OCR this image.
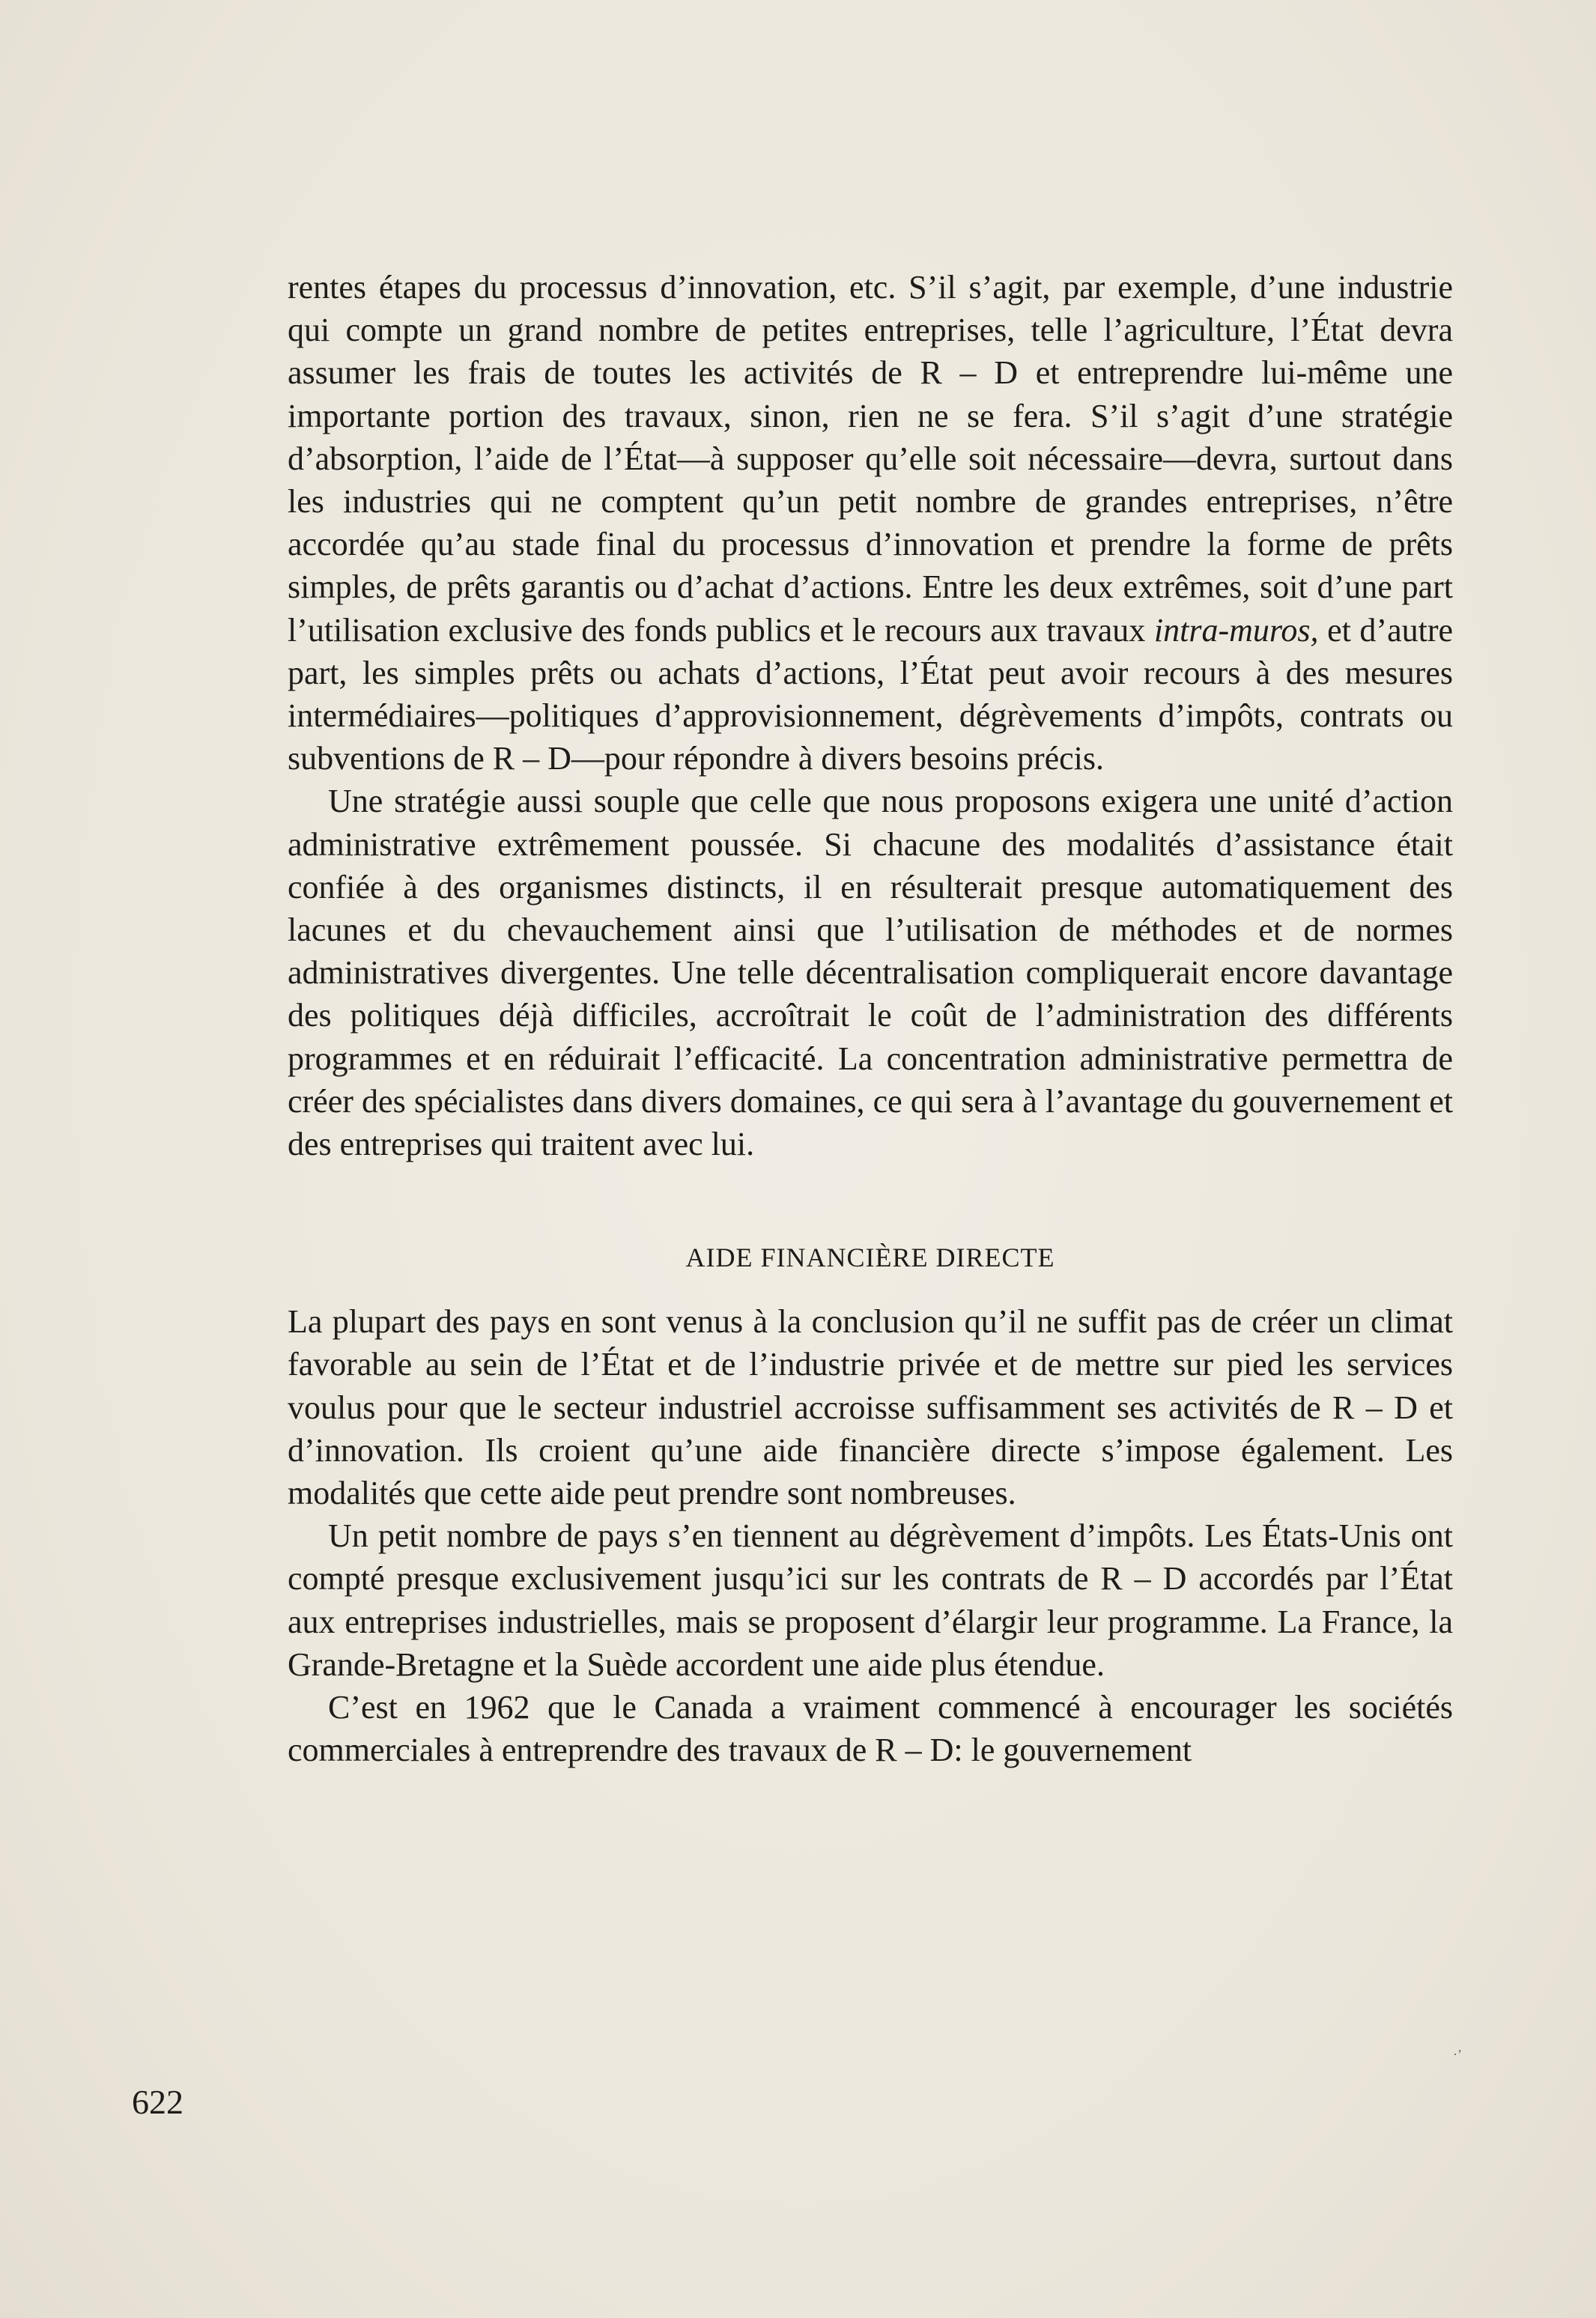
rentes étapes du processus d’innovation, etc. S’il s’agit, par exemple, d’une industrie qui compte un grand nombre de petites entreprises, telle l’agriculture, l’État devra assumer les frais de toutes les activités de R – D et entreprendre lui-même une importante portion des travaux, sinon, rien ne se fera. S’il s’agit d’une stratégie d’absorption, l’aide de l’État—à supposer qu’elle soit nécessaire—devra, surtout dans les industries qui ne comptent qu’un petit nombre de grandes entreprises, n’être accordée qu’au stade final du processus d’innovation et prendre la forme de prêts simples, de prêts garantis ou d’achat d’actions. Entre les deux extrêmes, soit d’une part l’utilisation exclusive des fonds publics et le recours aux travaux intra-muros, et d’autre part, les simples prêts ou achats d’actions, l’État peut avoir recours à des mesures intermédiaires—politiques d’approvisionnement, dégrèvements d’impôts, contrats ou subventions de R – D—pour répondre à divers besoins précis.

Une stratégie aussi souple que celle que nous proposons exigera une unité d’action administrative extrêmement poussée. Si chacune des modalités d’assistance était confiée à des organismes distincts, il en résulterait presque automatiquement des lacunes et du chevauchement ainsi que l’utilisation de méthodes et de normes administratives divergentes. Une telle décentralisation compliquerait encore davantage des politiques déjà difficiles, accroîtrait le coût de l’administration des différents programmes et en réduirait l’efficacité. La concentration administrative permettra de créer des spécialistes dans divers domaines, ce qui sera à l’avantage du gouvernement et des entreprises qui traitent avec lui.

AIDE FINANCIÈRE DIRECTE

La plupart des pays en sont venus à la conclusion qu’il ne suffit pas de créer un climat favorable au sein de l’État et de l’industrie privée et de mettre sur pied les services voulus pour que le secteur industriel accroisse suffisamment ses activités de R – D et d’innovation. Ils croient qu’une aide financière directe s’impose également. Les modalités que cette aide peut prendre sont nombreuses.

Un petit nombre de pays s’en tiennent au dégrèvement d’impôts. Les États-Unis ont compté presque exclusivement jusqu’ici sur les contrats de R – D accordés par l’État aux entreprises industrielles, mais se proposent d’élargir leur programme. La France, la Grande-Bretagne et la Suède accordent une aide plus étendue.

C’est en 1962 que le Canada a vraiment commencé à encourager les sociétés commerciales à entreprendre des travaux de R – D: le gouvernement

622
·’
